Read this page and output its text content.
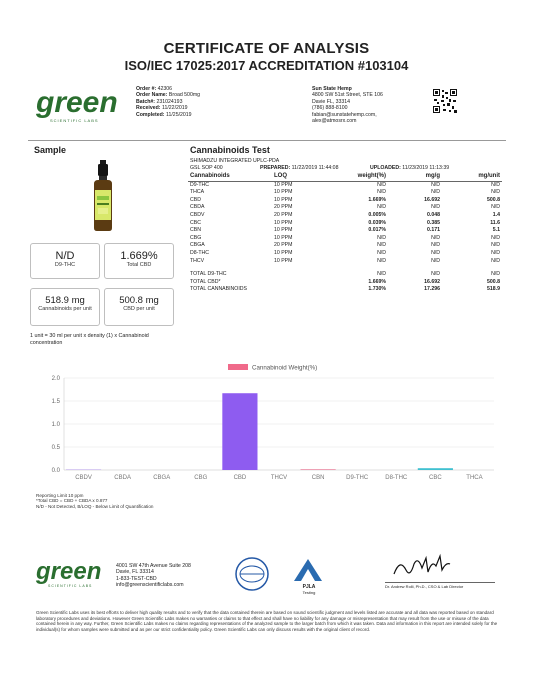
CERTIFICATE OF ANALYSIS
ISO/IEC 17025:2017 ACCREDITATION #103104
green
SCIENTIFIC LABS
Order #: 42306
Order Name: Broad 500mg
Batch#: 231024193
Received: 11/22/2019
Completed: 11/25/2019
Sun State Hemp
4800 SW 51st Street, STE 106
Davie FL, 33314
(786) 888-8100
fabian@sunstatehemp.com,
alex@atmosrx.com
Sample
N/D
D9-THC
1.669%
Total CBD
518.9 mg
Cannabinoids per unit
500.8 mg
CBD per unit
1 unit = 30 ml per unit x density (1) x Cannabinoid concentration
Cannabinoids Test
SHIMADZU INTEGRATED UPLC-PDA
GSL SOP 400	PREPARED: 11/22/2019 11:44:08	UPLOADED: 11/23/2019 11:13:39
Cannabinoids	LOQ	weight(%)	mg/g	mg/unit
D9-THC	10 PPM	N/D	N/D	N/D
THCA	10 PPM	N/D	N/D	N/D
CBD	10 PPM	1.669%	16.692	500.8
CBDA	20 PPM	N/D	N/D	N/D
CBDV	20 PPM	0.005%	0.048	1.4
CBC	10 PPM	0.039%	0.385	11.6
CBN	10 PPM	0.017%	0.171	5.1
CBG	10 PPM	N/D	N/D	N/D
CBGA	20 PPM	N/D	N/D	N/D
D8-THC	10 PPM	N/D	N/D	N/D
THCV	10 PPM	N/D	N/D	N/D
TOTAL D9-THC		N/D	N/D	N/D
TOTAL CBD*		1.669%	16.692	500.8
TOTAL CANNABINOIDS		1.730%	17.296	518.9
2.0
1.5
1.0
0.5
0.0
Cannabinoid Weight(%)
CBDV	CBDA	CBGA	CBG	CBD	THCV	CBN	D9-THC	D8-THC	CBC	THCA
Reporting Limit 10 ppm
*Total CBD = CBD + CBDA x 0.877
N/D - Not Detected, B/LOQ - Below Limit of Quantification
green
SCIENTIFIC LABS
4001 SW 47th Avenue Suite 208
Davie, FL 33314
1-833-TEST-CBD
info@greenscientificlabs.com	PJLA
Testing
Dr. Andrew Rolli, Ph.D., CSO & Lab Director
Green Scientific Labs uses its best efforts to deliver high quality results and to verify that the data contained therein are based on sound scientific judgment and levels listed are accurate and all data was reported based on standard laboratory procedures and deviations. However Green Scientific Labs makes no warranties or claims to that effect and shall have no liability for any damage or misrepresentation that may result from the use or misuse of the data contained herein in any way. Further, Green Scientific Labs makes no claims regarding representations of the analyzed sample to the larger batch from which it was taken. Data and information in this report are intended solely for the individual(s) for whom samples were submitted and as per our strict confidentiality policy. Green Scientific Labs can only discuss results with the original client of record.
